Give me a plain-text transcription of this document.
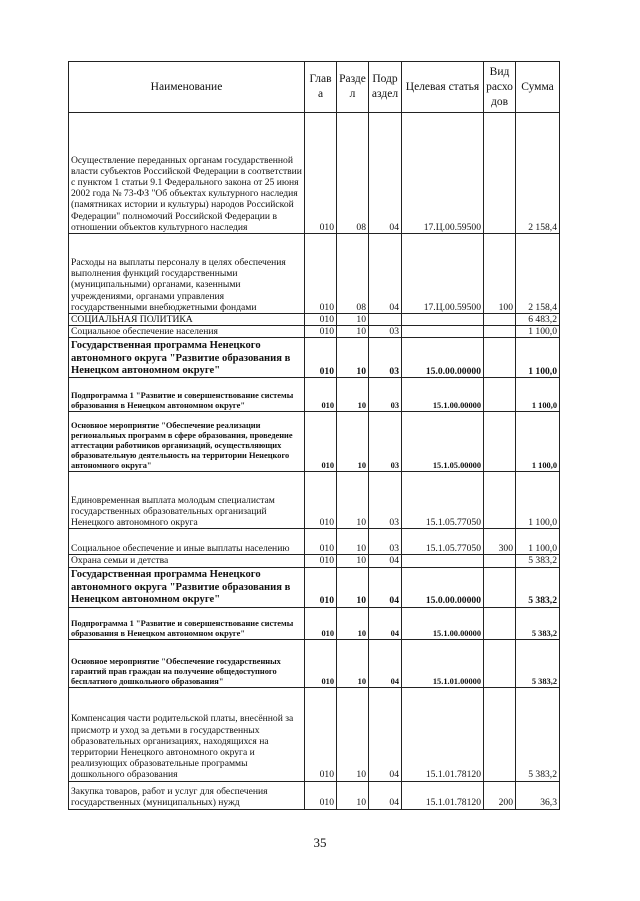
Наименование	Глав а	Разде л	Подр аздел	Целевая статья	Вид расхо дов	Сумма
Осуществление переданных органам государственной власти субъектов Российской Федерации в соответствии с пунктом 1 статьи 9.1 Федерального закона от 25 июня 2002 года № 73-ФЗ "Об объектах культурного наследия (памятниках истории и культуры) народов Российской Федерации" полномочий Российской Федерации в отношении объектов культурного наследия	010	08	04	17.Ц.00.59500		2 158,4
Расходы на выплаты персоналу в целях обеспечения выполнения функций государственными (муниципальными) органами, казенными учреждениями, органами управления государственными внебюджетными фондами	010	08	04	17.Ц.00.59500	100	2 158,4
СОЦИАЛЬНАЯ ПОЛИТИКА	010	10				6 483,2
Социальное обеспечение населения	010	10	03			1 100,0
Государственная программа Ненецкого автономного округа "Развитие образования в Ненецком автономном округе"	010	10	03	15.0.00.00000		1 100,0
Подпрограмма 1 "Развитие и совершенствование системы образования в Ненецком автономном округе"	010	10	03	15.1.00.00000		1 100,0
Основное мероприятие "Обеспечение реализации региональных программ в сфере образования, проведение аттестации работников организаций, осуществляющих образовательную деятельность на территории Ненецкого автономного округа"	010	10	03	15.1.05.00000		1 100,0
Единовременная выплата молодым специалистам государственных образовательных организаций Ненецкого автономного округа	010	10	03	15.1.05.77050		1 100,0
Социальное обеспечение и иные выплаты населению	010	10	03	15.1.05.77050	300	1 100,0
Охрана семьи и детства	010	10	04			5 383,2
Государственная программа Ненецкого автономного округа "Развитие образования в Ненецком автономном округе"	010	10	04	15.0.00.00000		5 383,2
Подпрограмма 1 "Развитие и совершенствование системы образования в Ненецком автономном округе"	010	10	04	15.1.00.00000		5 383,2
Основное мероприятие "Обеспечение государственных гарантий прав граждан на получение общедоступного бесплатного дошкольного образования"	010	10	04	15.1.01.00000		5 383,2
Компенсация части родительской платы, внесённой за присмотр и уход за детьми в государственных образовательных организациях, находящихся на территории Ненецкого автономного округа и реализующих образовательные программы дошкольного образования	010	10	04	15.1.01.78120		5 383,2
Закупка товаров, работ и услуг для обеспечения государственных (муниципальных) нужд	010	10	04	15.1.01.78120	200	36,3
35
